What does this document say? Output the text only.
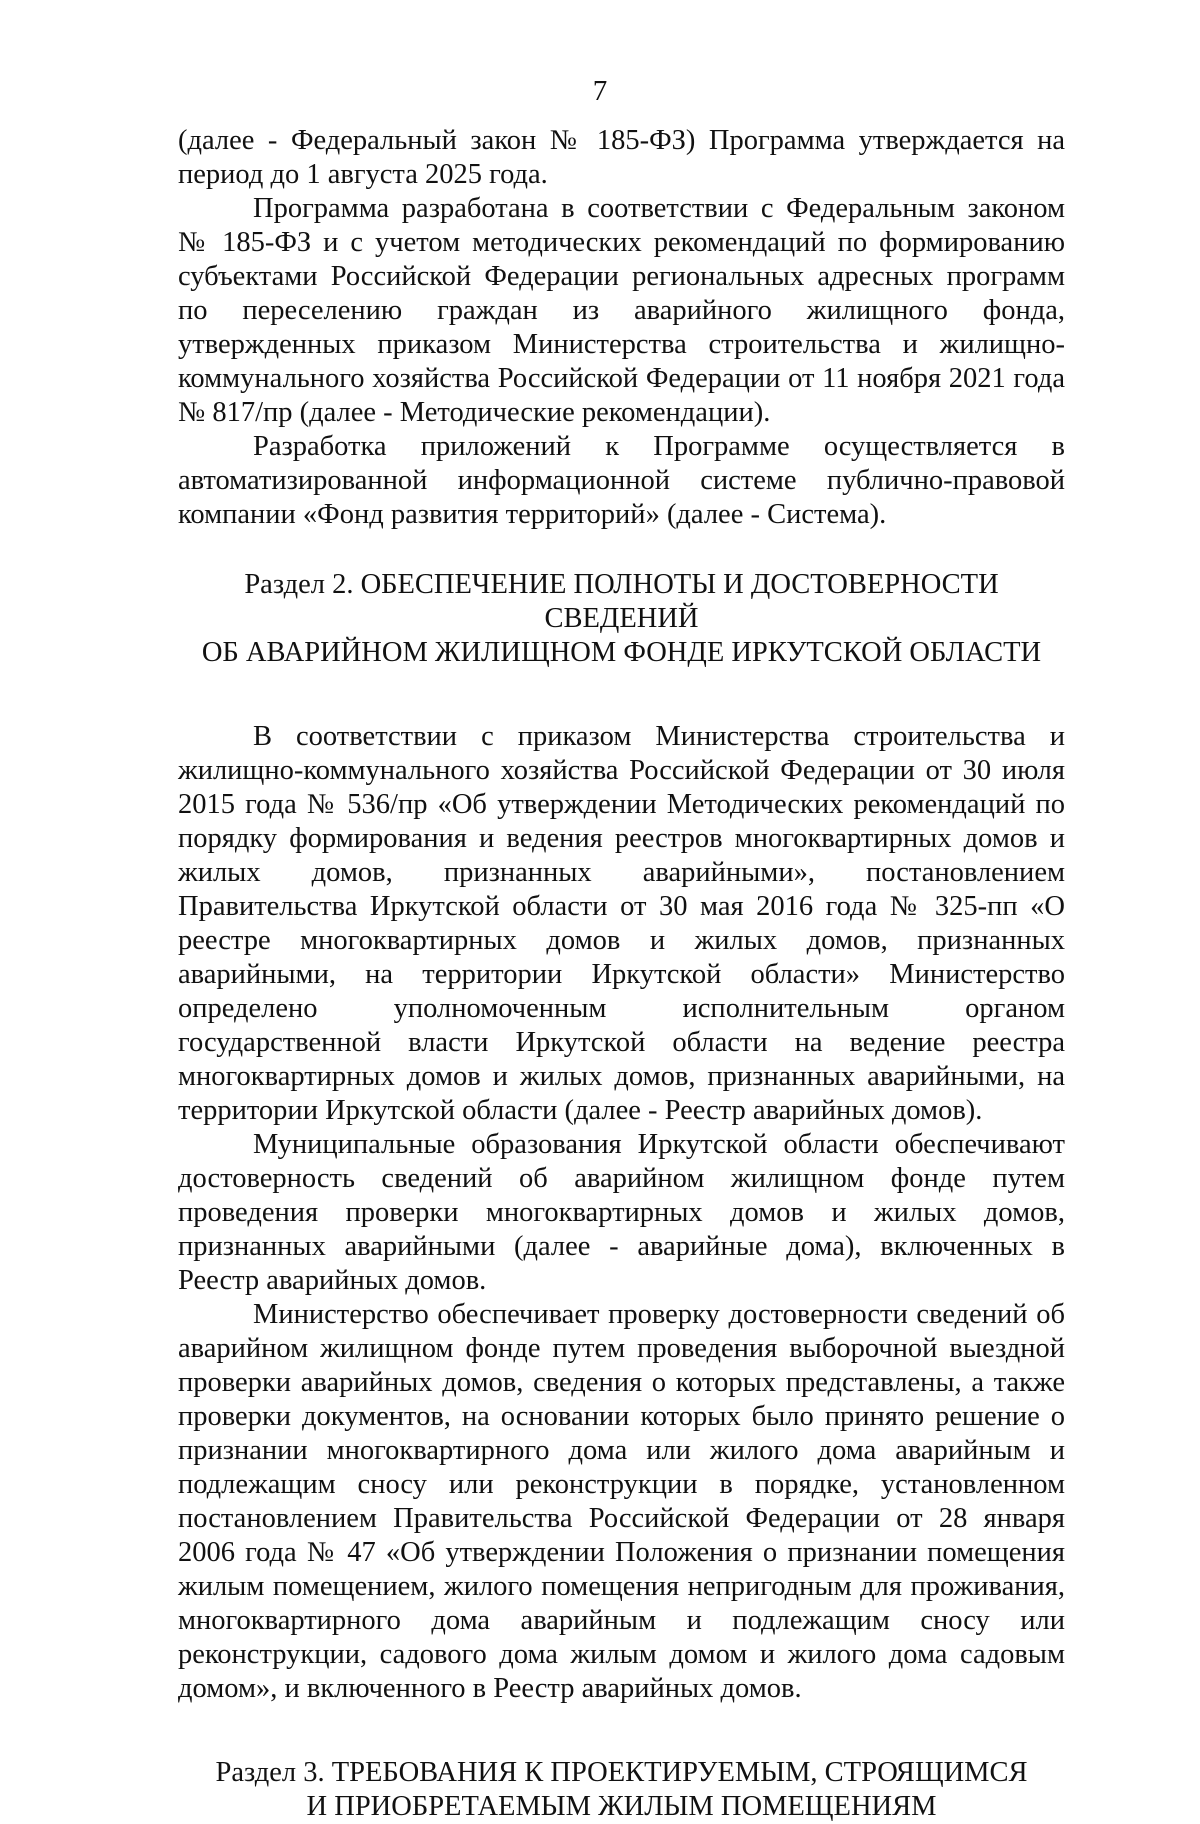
7

(далее - Федеральный закон № 185-ФЗ) Программа утверждается на период до 1 августа 2025 года.

Программа разработана в соответствии с Федеральным законом № 185-ФЗ и с учетом методических рекомендаций по формированию субъектами Российской Федерации региональных адресных программ по переселению граждан из аварийного жилищного фонда, утвержденных приказом Министерства строительства и жилищно-коммунального хозяйства Российской Федерации от 11 ноября 2021 года № 817/пр (далее - Методические рекомендации).

Разработка приложений к Программе осуществляется в автоматизированной информационной системе публично-правовой компании «Фонд развития территорий» (далее - Система).

Раздел 2. ОБЕСПЕЧЕНИЕ ПОЛНОТЫ И ДОСТОВЕРНОСТИ СВЕДЕНИЙ
ОБ АВАРИЙНОМ ЖИЛИЩНОМ ФОНДЕ ИРКУТСКОЙ ОБЛАСТИ

В соответствии с приказом Министерства строительства и жилищно-коммунального хозяйства Российской Федерации от 30 июля 2015 года № 536/пр «Об утверждении Методических рекомендаций по порядку формирования и ведения реестров многоквартирных домов и жилых домов, признанных аварийными», постановлением Правительства Иркутской области от 30 мая 2016 года № 325-пп «О реестре многоквартирных домов и жилых домов, признанных аварийными, на территории Иркутской области» Министерство определено уполномоченным исполнительным органом государственной власти Иркутской области на ведение реестра многоквартирных домов и жилых домов, признанных аварийными, на территории Иркутской области (далее - Реестр аварийных домов).

Муниципальные образования Иркутской области обеспечивают достоверность сведений об аварийном жилищном фонде путем проведения проверки многоквартирных домов и жилых домов, признанных аварийными (далее - аварийные дома), включенных в Реестр аварийных домов.

Министерство обеспечивает проверку достоверности сведений об аварийном жилищном фонде путем проведения выборочной выездной проверки аварийных домов, сведения о которых представлены, а также проверки документов, на основании которых было принято решение о признании многоквартирного дома или жилого дома аварийным и подлежащим сносу или реконструкции в порядке, установленном постановлением Правительства Российской Федерации от 28 января 2006 года № 47 «Об утверждении Положения о признании помещения жилым помещением, жилого помещения непригодным для проживания, многоквартирного дома аварийным и подлежащим сносу или реконструкции, садового дома жилым домом и жилого дома садовым домом», и включенного в Реестр аварийных домов.

Раздел 3. ТРЕБОВАНИЯ К ПРОЕКТИРУЕМЫМ, СТРОЯЩИМСЯ
И ПРИОБРЕТАЕМЫМ ЖИЛЫМ ПОМЕЩЕНИЯМ
